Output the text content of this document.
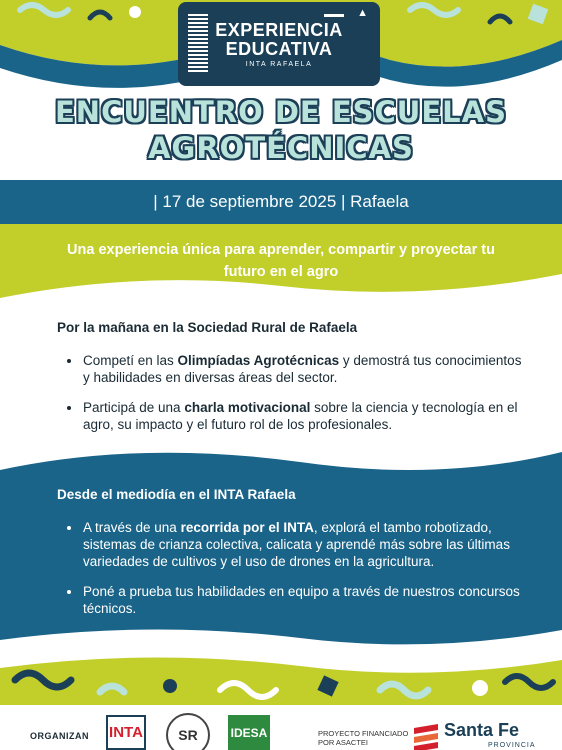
▬▬ ▲
EXPERIENCIA
EDUCATIVA
INTA RAFAELA
ENCUENTRO DE ESCUELAS
AGROTÉCNICAS
| 17 de septiembre 2025 | Rafaela

Una experiencia única para aprender, compartir y proyectar tu futuro en el agro

Por la mañana en la Sociedad Rural de Rafaela
Competí en las Olimpíadas Agrotécnicas y demostrá tus conocimientos y habilidades en diversas áreas del sector.
Participá de una charla motivacional sobre la ciencia y tecnología en el agro, su impacto y el futuro rol de los profesionales.
Desde el mediodía en el INTA Rafaela
A través de una recorrida por el INTA, explorá el tambo robotizado, sistemas de crianza colectiva, calicata y aprendé más sobre las últimas variedades de cultivos y el uso de drones en la agricultura.
Poné a prueba tus habilidades en equipo a través de nuestros concursos técnicos.
ORGANIZAN INTA	SR	IDESA	PROYECTO FINANCIADO
POR ASACTEI
Santa Fe
PROVINCIA
